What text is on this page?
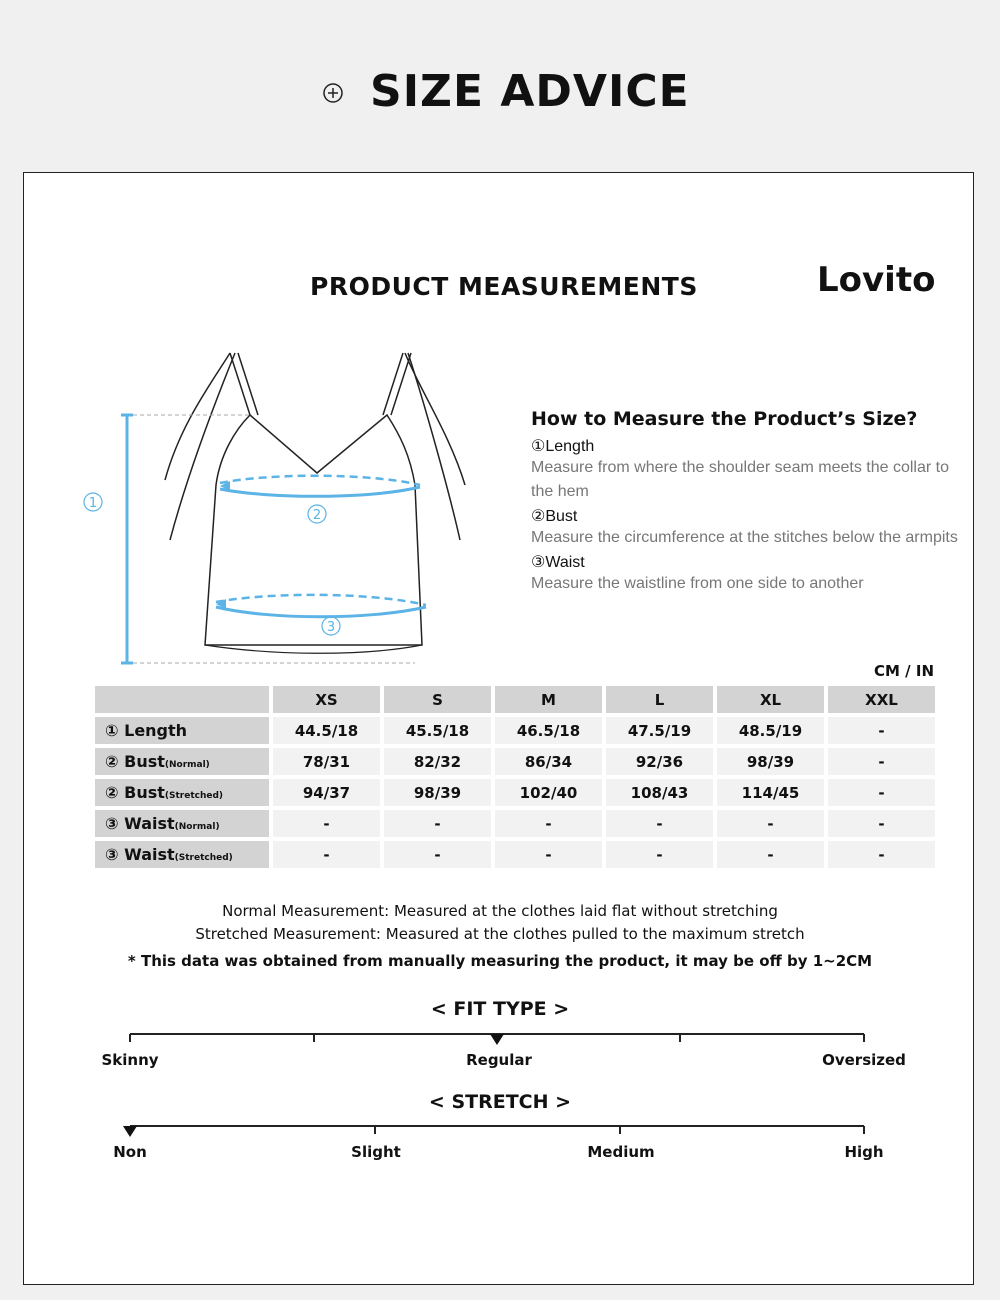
SIZE ADVICE
PRODUCT MEASUREMENTS	Lovito
1
2
3
How to Measure the Product’s Size?
①Length
Measure from where the shoulder seam meets the collar to the hem
②Bust
Measure the circumference at the stitches below the armpits
③Waist
Measure the waistline from one side to another
CM / IN
	XS	S	M	L	XL	XXL
① Length	44.5/18	45.5/18	46.5/18	47.5/19	48.5/19	-
② Bust(Normal)	78/31	82/32	86/34	92/36	98/39	-
② Bust(Stretched)	94/37	98/39	102/40	108/43	114/45	-
③ Waist(Normal)	-	-	-	-	-	-
③ Waist(Stretched)	-	-	-	-	-	-
Normal Measurement: Measured at the clothes laid flat without stretching
Stretched Measurement: Measured at the clothes pulled to the maximum stretch
* This data was obtained from manually measuring the product, it may be off by 1~2CM
< FIT TYPE >
Skinny	Regular	Oversized
< STRETCH >
Non	Slight	Medium	High
